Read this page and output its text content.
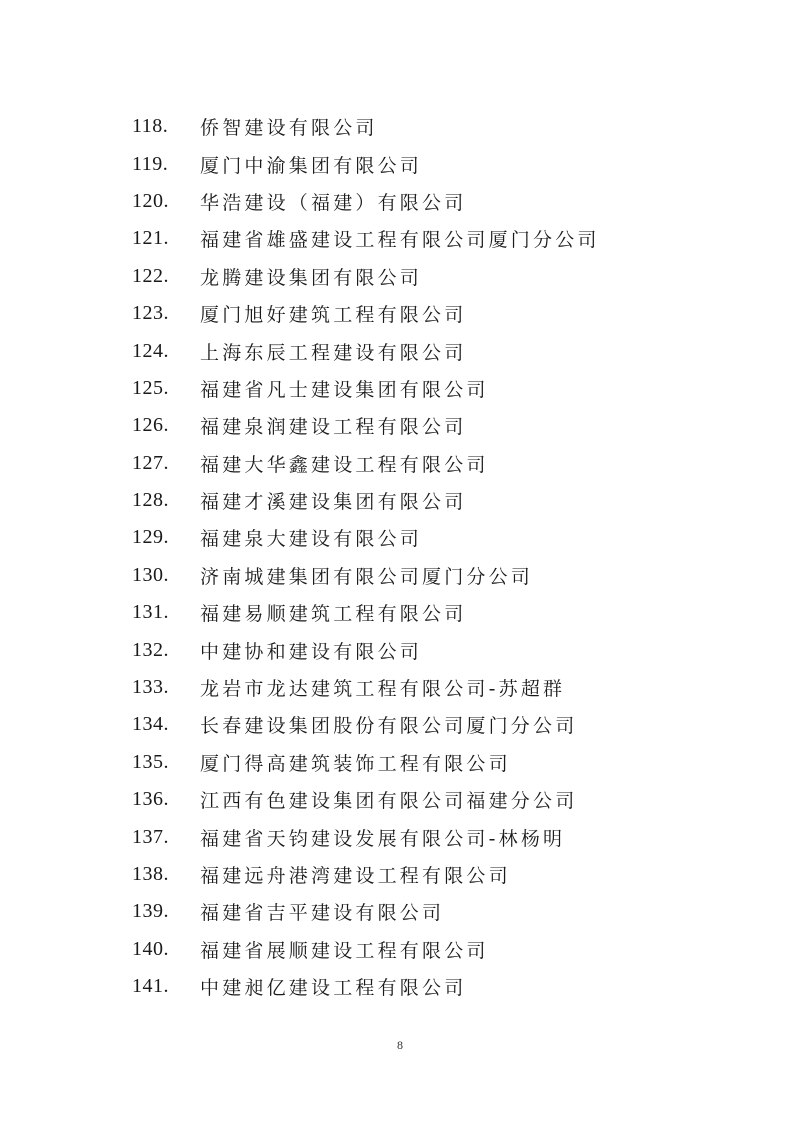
118.	侨智建设有限公司
119.	厦门中渝集团有限公司
120.	华浩建设（福建）有限公司
121.	福建省雄盛建设工程有限公司厦门分公司
122.	龙腾建设集团有限公司
123.	厦门旭好建筑工程有限公司
124.	上海东辰工程建设有限公司
125.	福建省凡士建设集团有限公司
126.	福建泉润建设工程有限公司
127.	福建大华鑫建设工程有限公司
128.	福建才溪建设集团有限公司
129.	福建泉大建设有限公司
130.	济南城建集团有限公司厦门分公司
131.	福建易顺建筑工程有限公司
132.	中建协和建设有限公司
133.	龙岩市龙达建筑工程有限公司-苏超群
134.	长春建设集团股份有限公司厦门分公司
135.	厦门得高建筑装饰工程有限公司
136.	江西有色建设集团有限公司福建分公司
137.	福建省天钧建设发展有限公司-林杨明
138.	福建远舟港湾建设工程有限公司
139.	福建省吉平建设有限公司
140.	福建省展顺建设工程有限公司
141.	中建昶亿建设工程有限公司
8
